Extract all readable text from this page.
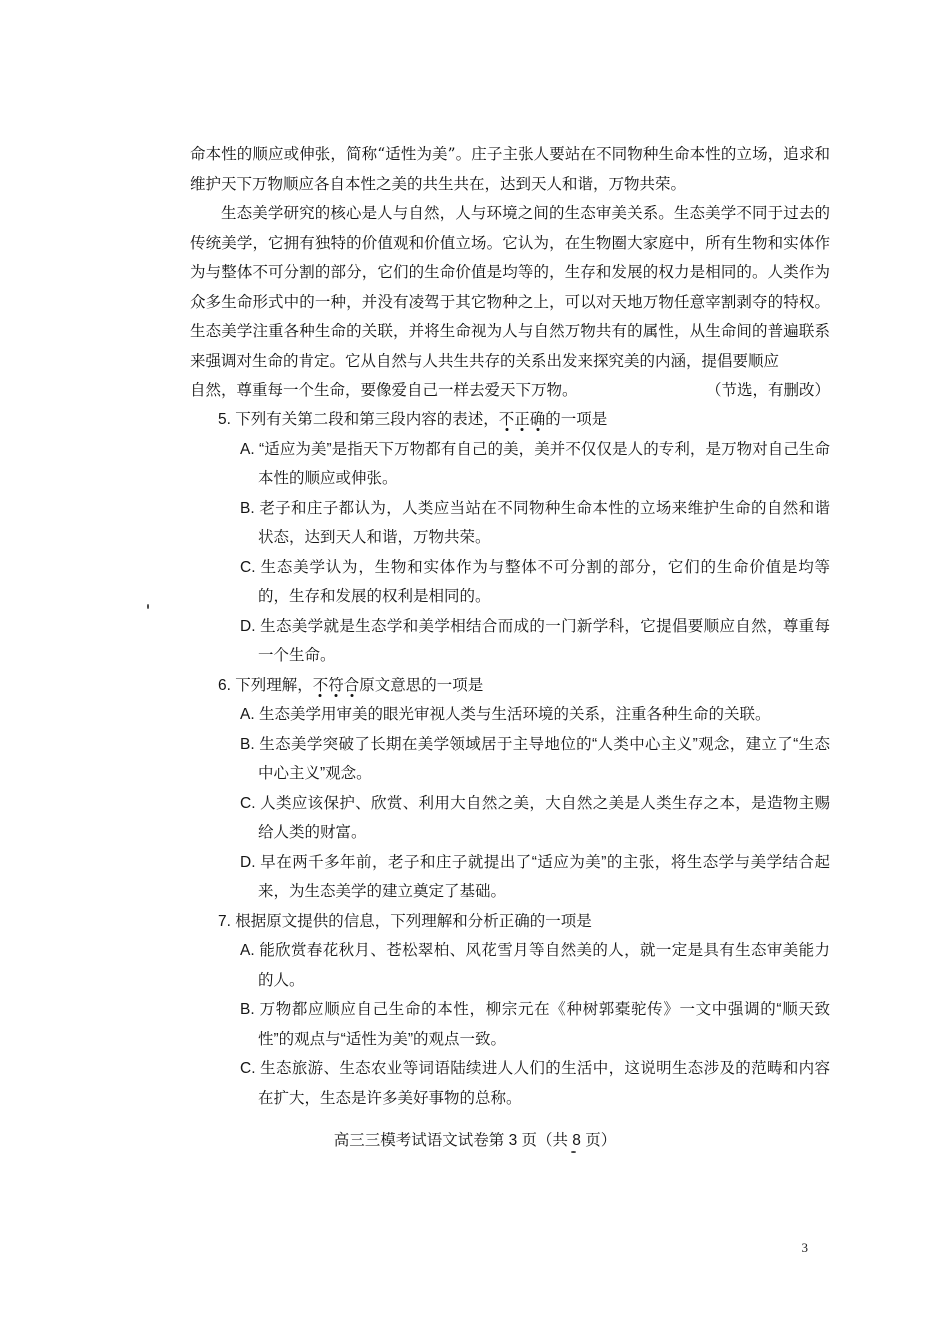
命本性的顺应或伸张，简称“适性为美”。庄子主张人要站在不同物种生命本性的立场，追求和维护天下万物顺应各自本性之美的共生共在，达到天人和谐，万物共荣。

生态美学研究的核心是人与自然，人与环境之间的生态审美关系。生态美学不同于过去的传统美学，它拥有独特的价值观和价值立场。它认为，在生物圈大家庭中，所有生物和实体作为与整体不可分割的部分，它们的生命价值是均等的，生存和发展的权力是相同的。人类作为众多生命形式中的一种，并没有凌驾于其它物种之上，可以对天地万物任意宰割剥夺的特权。生态美学注重各种生命的关联，并将生命视为人与自然万物共有的属性，从生命间的普遍联系来强调对生命的肯定。它从自然与人共生共存的关系出发来探究美的内涵，提倡要顺应

自然，尊重每一个生命，要像爱自己一样去爱天下万物。	（节选，有删改）

5. 下列有关第二段和第三段内容的表述，不正确的一项是

A. “适应为美”是指天下万物都有自己的美，美并不仅仅是人的专利，是万物对自己生命本性的顺应或伸张。

B. 老子和庄子都认为，人类应当站在不同物种生命本性的立场来维护生命的自然和谐状态，达到天人和谐，万物共荣。

C. 生态美学认为，生物和实体作为与整体不可分割的部分，它们的生命价值是均等的，生存和发展的权利是相同的。

D. 生态美学就是生态学和美学相结合而成的一门新学科，它提倡要顺应自然，尊重每一个生命。

6. 下列理解，不符合原文意思的一项是

A. 生态美学用审美的眼光审视人类与生活环境的关系，注重各种生命的关联。

B. 生态美学突破了长期在美学领域居于主导地位的“人类中心主义”观念，建立了“生态中心主义”观念。

C. 人类应该保护、欣赏、利用大自然之美，大自然之美是人类生存之本，是造物主赐给人类的财富。

D. 早在两千多年前，老子和庄子就提出了“适应为美”的主张，将生态学与美学结合起来，为生态美学的建立奠定了基础。

7. 根据原文提供的信息，下列理解和分析正确的一项是

A. 能欣赏春花秋月、苍松翠柏、风花雪月等自然美的人，就一定是具有生态审美能力的人。

B. 万物都应顺应自己生命的本性，柳宗元在《种树郭橐驼传》一文中强调的“顺天致性”的观点与“适性为美”的观点一致。

C. 生态旅游、生态农业等词语陆续进人人们的生活中，这说明生态涉及的范畴和内容在扩大，生态是许多美好事物的总称。

高三三模考试语文试卷第 3 页（共 8 页）
3
